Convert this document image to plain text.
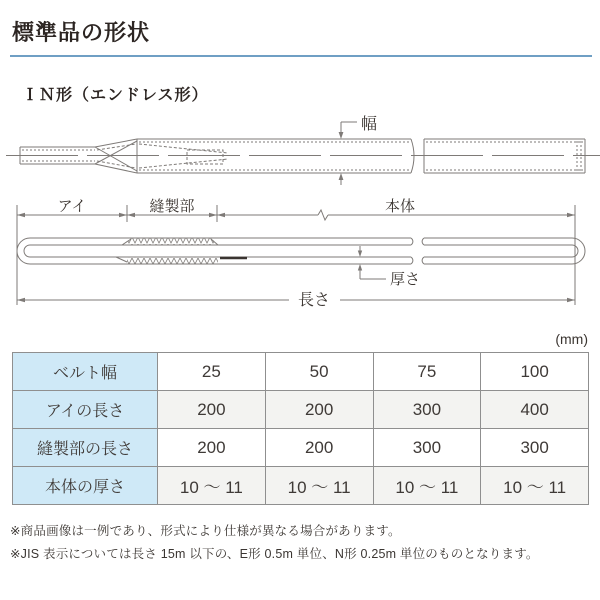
標準品の形状
ＩＮ形（エンドレス形）
幅
アイ	縫製部	本体
厚さ
長さ
(mm)
ベルト幅	25	50	75	100
アイの長さ	200	200	300	400
縫製部の長さ	200	200	300	300
本体の厚さ	10 ～ 11	10 ～ 11	10 ～ 11	10 ～ 11

※商品画像は一例であり、形式により仕様が異なる場合があります。

※JIS 表示については長さ 15m 以下の、E形 0.5m 単位、N形 0.25m 単位のものとなります。
